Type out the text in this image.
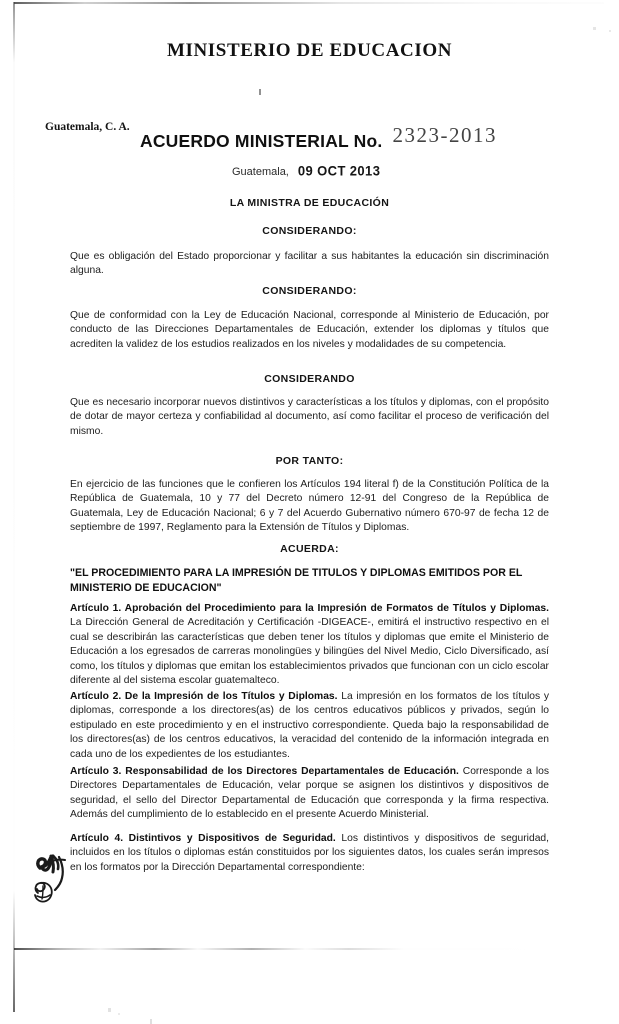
MINISTERIO DE EDUCACION
Guatemala, C. A.
ACUERDO MINISTERIAL No. 2323-2013
Guatemala, 09 OCT 2013
LA MINISTRA DE EDUCACIÓN
CONSIDERANDO:
Que es obligación del Estado proporcionar y facilitar a sus habitantes la educación sin discriminación alguna.
CONSIDERANDO:
Que de conformidad con la Ley de Educación Nacional, corresponde al Ministerio de Educación, por conducto de las Direcciones Departamentales de Educación, extender los diplomas y títulos que acrediten la validez de los estudios realizados en los niveles y modalidades de su competencia.
CONSIDERANDO
Que es necesario incorporar nuevos distintivos y características a los títulos y diplomas, con el propósito de dotar de mayor certeza y confiabilidad al documento, así como facilitar el proceso de verificación del mismo.
POR TANTO:
En ejercicio de las funciones que le confieren los Artículos 194 literal f) de la Constitución Política de la República de Guatemala, 10 y 77 del Decreto número 12-91 del Congreso de la República de Guatemala, Ley de Educación Nacional; 6 y 7 del Acuerdo Gubernativo número 670-97 de fecha 12 de septiembre de 1997, Reglamento para la Extensión de Títulos y Diplomas.
ACUERDA:
"EL PROCEDIMIENTO PARA LA IMPRESIÓN DE TITULOS Y DIPLOMAS EMITIDOS POR EL MINISTERIO DE EDUCACION"
Artículo 1. Aprobación del Procedimiento para la Impresión de Formatos de Títulos y Diplomas. La Dirección General de Acreditación y Certificación -DIGEACE-, emitirá el instructivo respectivo en el cual se describirán las características que deben tener los títulos y diplomas que emite el Ministerio de Educación a los egresados de carreras monolingües y bilingües del Nivel Medio, Ciclo Diversificado, así como, los títulos y diplomas que emitan los establecimientos privados que funcionan con un ciclo escolar diferente al del sistema escolar guatemalteco.
Artículo 2. De la Impresión de los Títulos y Diplomas. La impresión en los formatos de los títulos y diplomas, corresponde a los directores(as) de los centros educativos públicos y privados, según lo estipulado en este procedimiento y en el instructivo correspondiente. Queda bajo la responsabilidad de los directores(as) de los centros educativos, la veracidad del contenido de la información integrada en cada uno de los expedientes de los estudiantes.
Artículo 3. Responsabilidad de los Directores Departamentales de Educación. Corresponde a los Directores Departamentales de Educación, velar porque se asignen los distintivos y dispositivos de seguridad, el sello del Director Departamental de Educación que corresponda y la firma respectiva. Además del cumplimiento de lo establecido en el presente Acuerdo Ministerial.
Artículo 4. Distintivos y Dispositivos de Seguridad. Los distintivos y dispositivos de seguridad, incluidos en los títulos o diplomas están constituidos por los siguientes datos, los cuales serán impresos en los formatos por la Dirección Departamental correspondiente:
